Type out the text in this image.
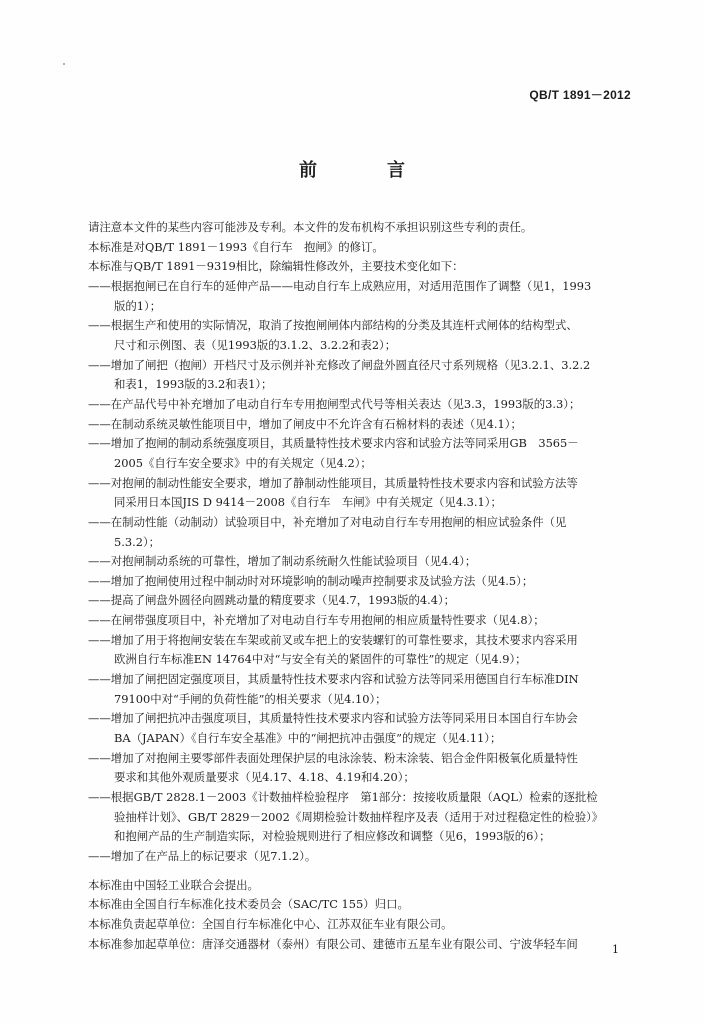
QB/T 1891－2012
前　言
请注意本文件的某些内容可能涉及专利。本文件的发布机构不承担识别这些专利的责任。
本标准是对QB/T 1891－1993《自行车　抱闸》的修订。
本标准与QB/T 1891－9319相比，除编辑性修改外，主要技术变化如下：
——根据抱闸已在自行车的延伸产品——电动自行车上成熟应用，对适用范围作了调整（见1，1993
版的1）；
——根据生产和使用的实际情况，取消了按抱闸闸体内部结构的分类及其连杆式闸体的结构型式、
尺寸和示例图、表（见1993版的3.1.2、3.2.2和表2）；
——增加了闸把（抱闸）开档尺寸及示例并补充修改了闸盘外圆直径尺寸系列规格（见3.2.1、3.2.2
和表1，1993版的3.2和表1）；
——在产品代号中补充增加了电动自行车专用抱闸型式代号等相关表达（见3.3，1993版的3.3）；
——在制动系统灵敏性能项目中，增加了闸皮中不允许含有石棉材料的表述（见4.1）；
——增加了抱闸的制动系统强度项目，其质量特性技术要求内容和试验方法等同采用GB　3565－
2005《自行车安全要求》中的有关规定（见4.2）；
——对抱闸的制动性能安全要求，增加了静制动性能项目，其质量特性技术要求内容和试验方法等
同采用日本国JIS D 9414－2008《自行车　车闸》中有关规定（见4.3.1）；
——在制动性能（动制动）试验项目中，补充增加了对电动自行车专用抱闸的相应试验条件（见
5.3.2）；
——对抱闸制动系统的可靠性，增加了制动系统耐久性能试验项目（见4.4）；
——增加了抱闸使用过程中制动时对环境影响的制动噪声控制要求及试验方法（见4.5）；
——提高了闸盘外圆径向圆跳动量的精度要求（见4.7，1993版的4.4）；
——在闸带强度项目中，补充增加了对电动自行车专用抱闸的相应质量特性要求（见4.8）；
——增加了用于将抱闸安装在车架或前叉或车把上的安装螺钉的可靠性要求，其技术要求内容采用
欧洲自行车标准EN 14764中对“与安全有关的紧固件的可靠性”的规定（见4.9）；
——增加了闸把固定强度项目，其质量特性技术要求内容和试验方法等同采用德国自行车标准DIN
79100中对“手闸的负荷性能”的相关要求（见4.10）；
——增加了闸把抗冲击强度项目，其质量特性技术要求内容和试验方法等同采用日本国自行车协会
BA（JAPAN）《自行车安全基准》中的“闸把抗冲击强度”的规定（见4.11）；
——增加了对抱闸主要零部件表面处理保护层的电泳涂装、粉末涂装、铝合金件阳极氧化质量特性
要求和其他外观质量要求（见4.17、4.18、4.19和4.20）；
——根据GB/T 2828.1－2003《计数抽样检验程序　第1部分：按接收质量限（AQL）检索的逐批检
验抽样计划》、GB/T 2829－2002《周期检验计数抽样程序及表（适用于对过程稳定性的检验）》
和抱闸产品的生产制造实际，对检验规则进行了相应修改和调整（见6，1993版的6）；
——增加了在产品上的标记要求（见7.1.2）。
本标准由中国轻工业联合会提出。
本标准由全国自行车标准化技术委员会（SAC/TC 155）归口。
本标准负责起草单位：全国自行车标准化中心、江苏双征车业有限公司。
本标准参加起草单位：唐泽交通器材（泰州）有限公司、建德市五星车业有限公司、宁波华轻车间	1
